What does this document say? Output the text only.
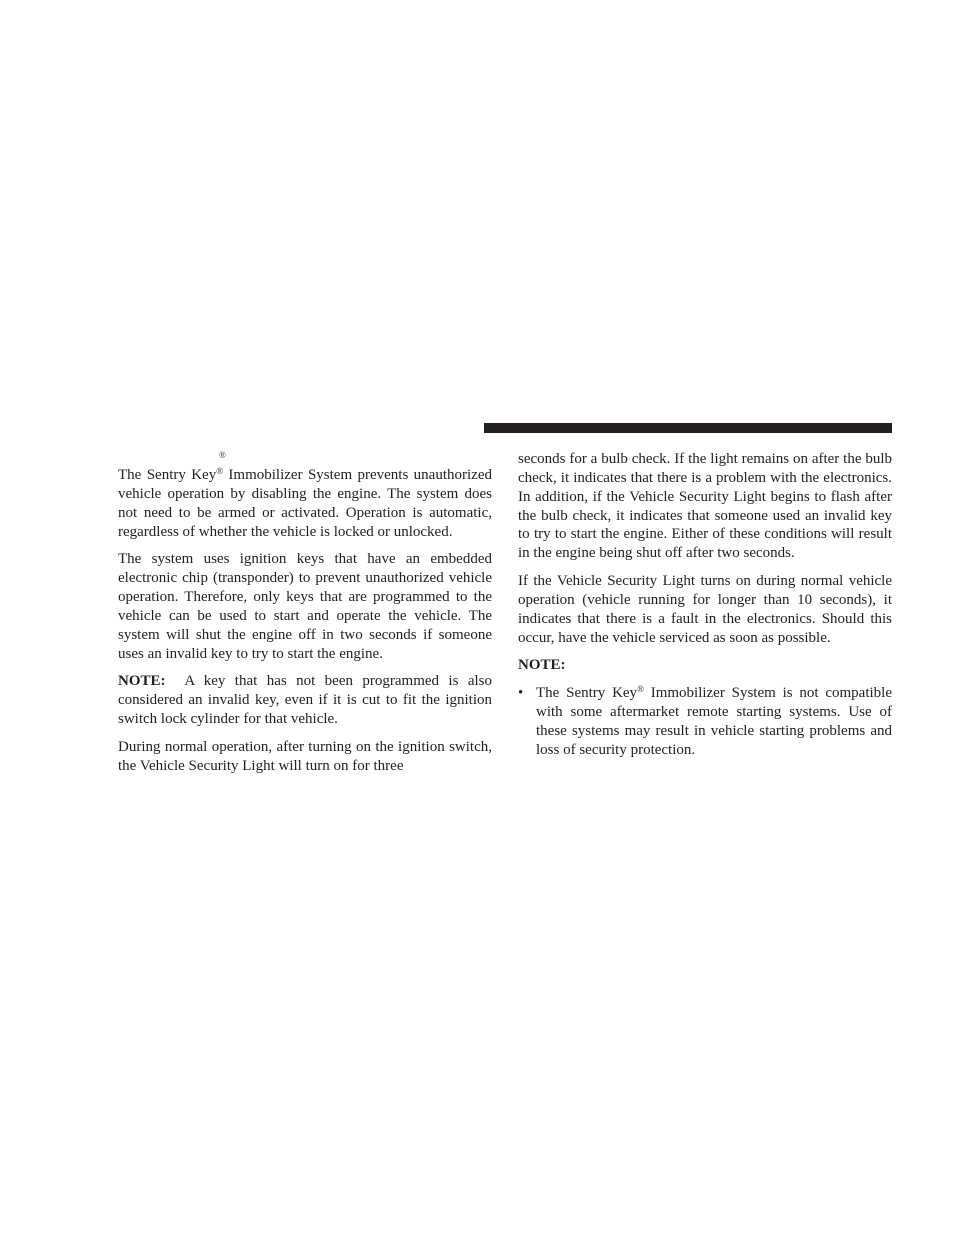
®

The Sentry Key® Immobilizer System prevents unauthorized vehicle operation by disabling the engine. The system does not need to be armed or activated. Operation is automatic, regardless of whether the vehicle is locked or unlocked.

The system uses ignition keys that have an embedded electronic chip (transponder) to prevent unauthorized vehicle operation. Therefore, only keys that are programmed to the vehicle can be used to start and operate the vehicle. The system will shut the engine off in two seconds if someone uses an invalid key to try to start the engine.

NOTE: A key that has not been programmed is also considered an invalid key, even if it is cut to fit the ignition switch lock cylinder for that vehicle.

During normal operation, after turning on the ignition switch, the Vehicle Security Light will turn on for three

seconds for a bulb check. If the light remains on after the bulb check, it indicates that there is a problem with the electronics. In addition, if the Vehicle Security Light begins to flash after the bulb check, it indicates that someone used an invalid key to try to start the engine. Either of these conditions will result in the engine being shut off after two seconds.

If the Vehicle Security Light turns on during normal vehicle operation (vehicle running for longer than 10 seconds), it indicates that there is a fault in the electronics. Should this occur, have the vehicle serviced as soon as possible.

NOTE:

• The Sentry Key® Immobilizer System is not compatible with some aftermarket remote starting systems. Use of these systems may result in vehicle starting problems and loss of security protection.
